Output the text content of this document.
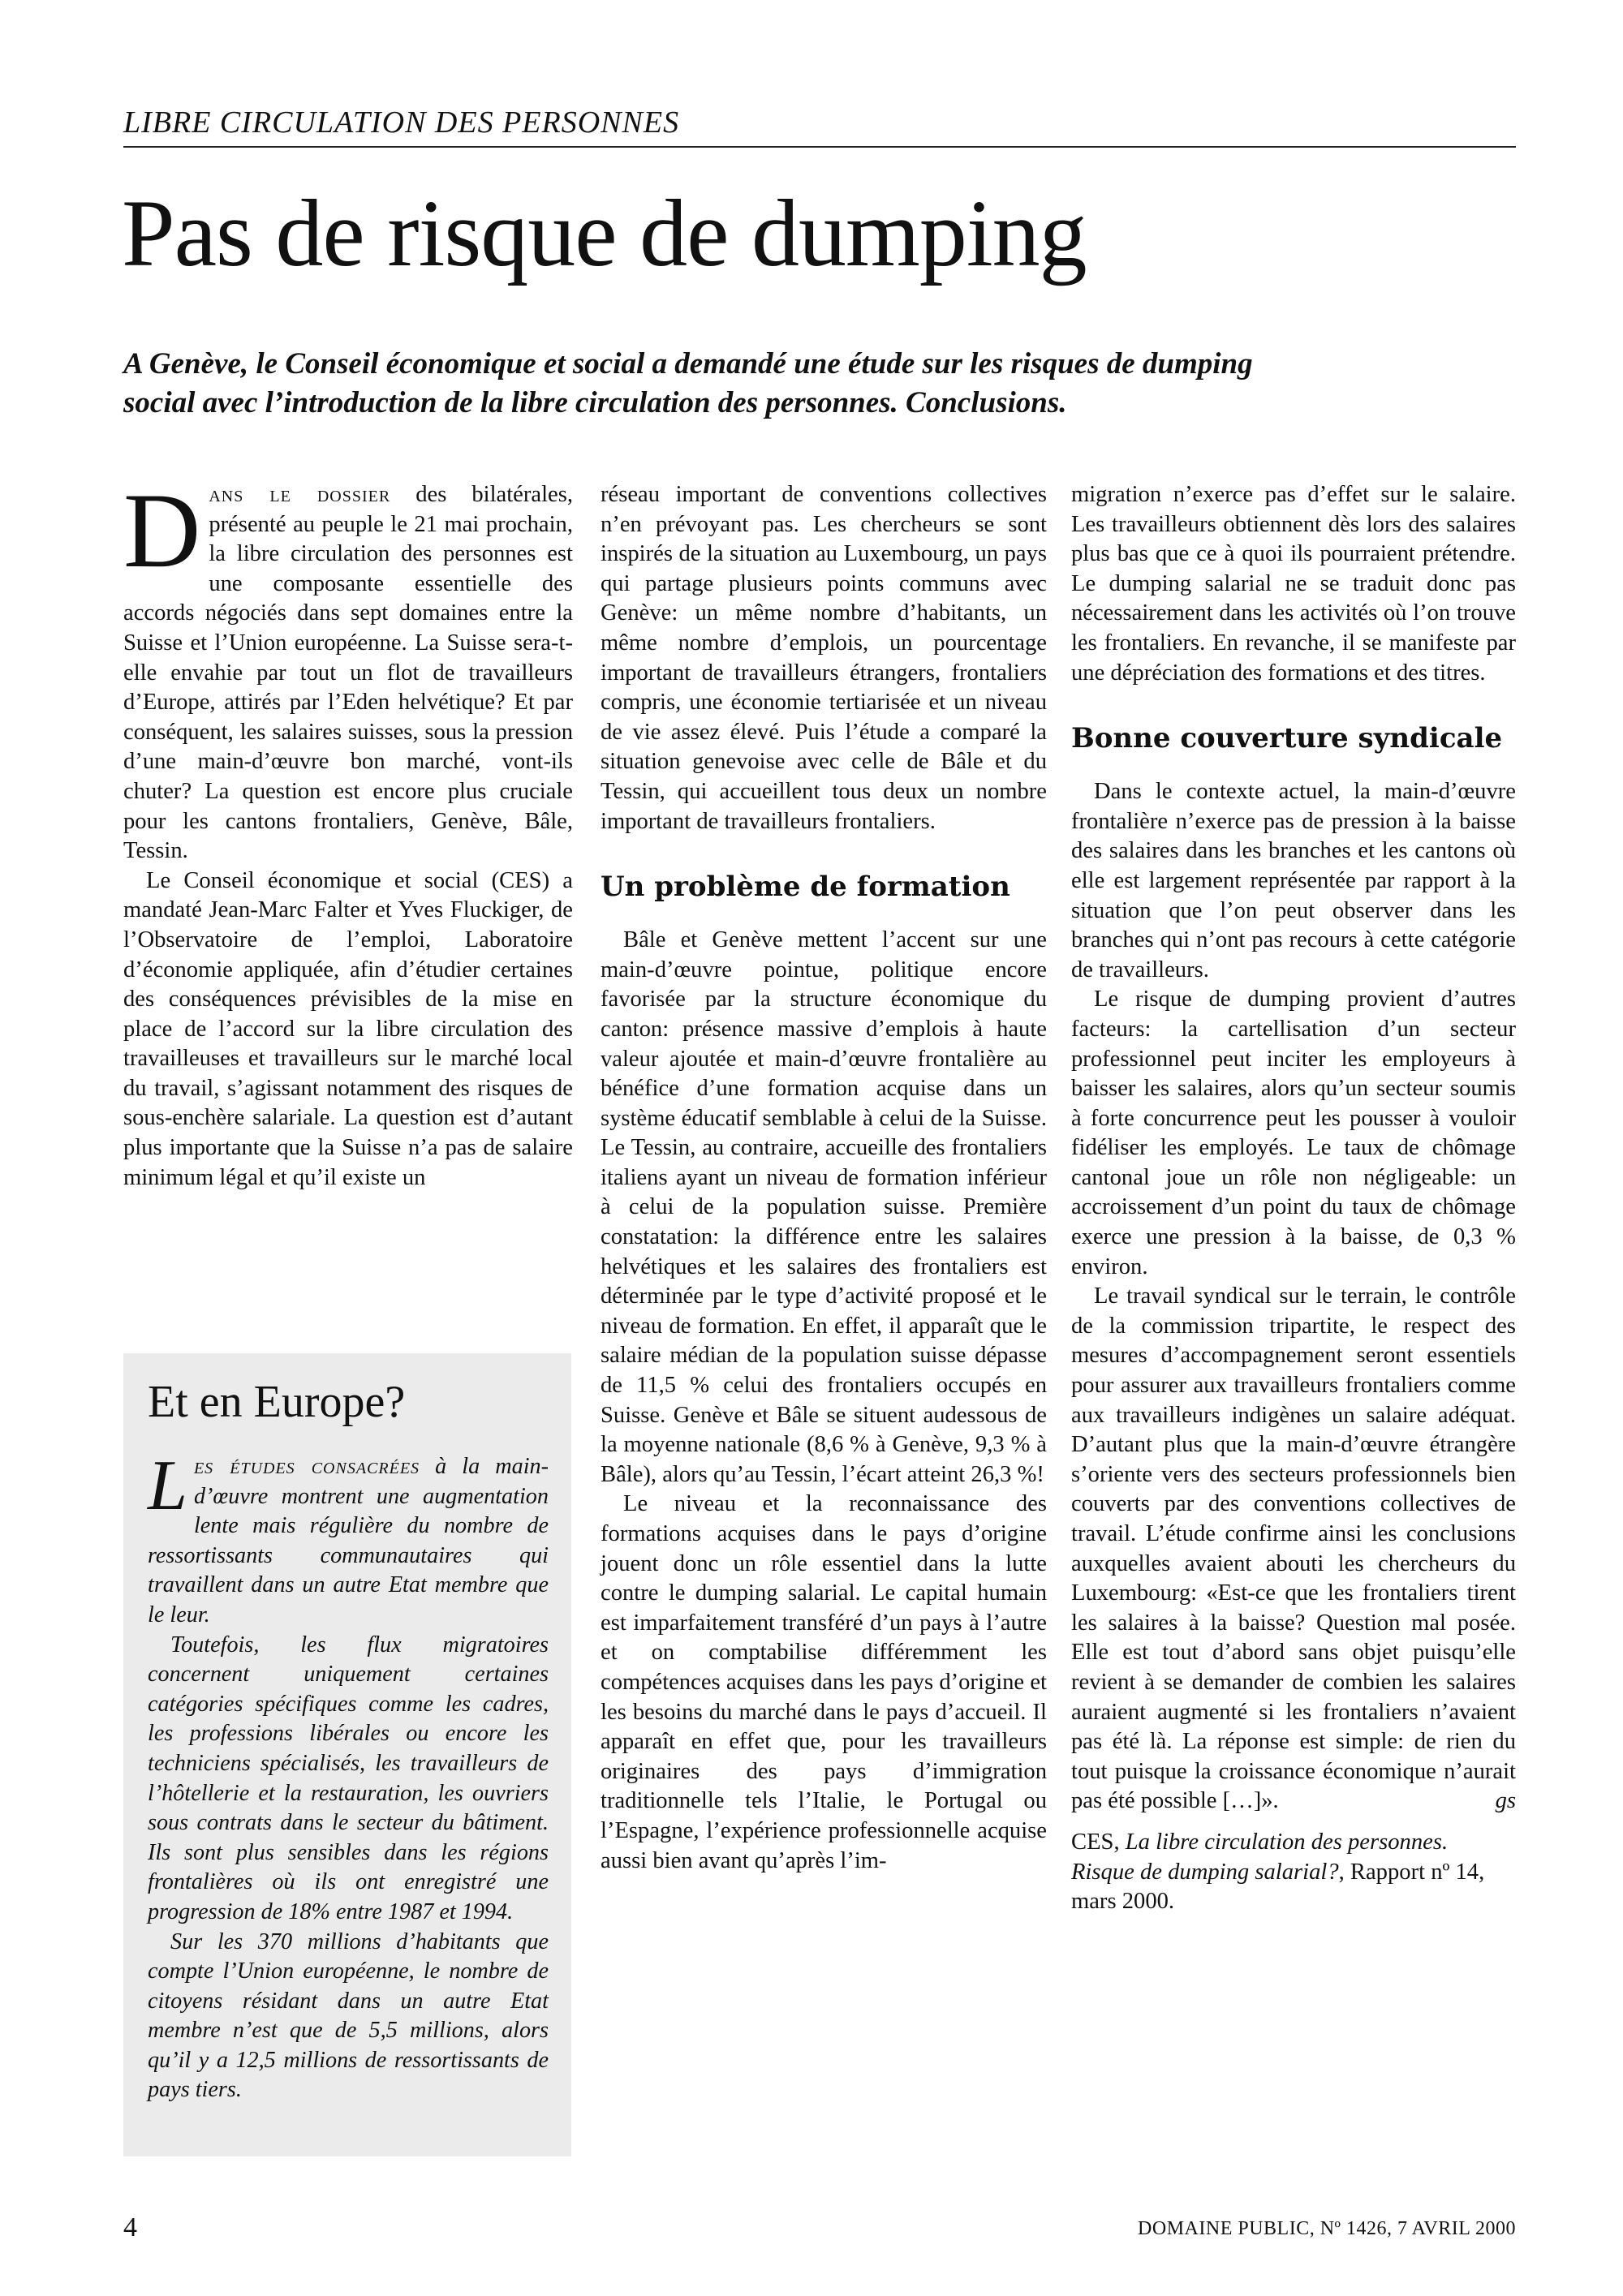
LIBRE CIRCULATION DES PERSONNES
Pas de risque de dumping

A Genève, le Conseil économique et social a demandé une étude sur les risques de dumping social avec l’introduction de la libre circulation des personnes. Conclusions.

Dans le dossier des bilatérales, présenté au peuple le 21 mai prochain, la libre circulation des personnes est une composante essentielle des accords négociés dans sept domaines entre la Suisse et l’Union européenne. La Suisse sera-t-elle envahie par tout un flot de travailleurs d’Europe, attirés par l’Eden helvétique? Et par conséquent, les salaires suisses, sous la pression d’une main-d’œuvre bon marché, vont-ils chuter? La question est encore plus cruciale pour les cantons frontaliers, Genève, Bâle, Tessin.

Le Conseil économique et social (CES) a mandaté Jean-Marc Falter et Yves Fluckiger, de l’Observatoire de l’emploi, Laboratoire d’économie appliquée, afin d’étudier certaines des conséquences prévisibles de la mise en place de l’accord sur la libre circulation des travailleuses et travailleurs sur le marché local du travail, s’agissant notamment des risques de sous-enchère salariale. La question est d’autant plus importante que la Suisse n’a pas de salaire minimum légal et qu’il existe un

Et en Europe?

Les études consacrées à la main-d’œuvre montrent une augmentation lente mais régulière du nombre de ressortissants communautaires qui travaillent dans un autre Etat membre que le leur.

Toutefois, les flux migratoires concernent uniquement certaines catégories spécifiques comme les cadres, les professions libérales ou encore les techniciens spécialisés, les travailleurs de l’hôtellerie et la restauration, les ouvriers sous contrats dans le secteur du bâtiment. Ils sont plus sensibles dans les régions frontalières où ils ont enregistré une progression de 18% entre 1987 et 1994.

Sur les 370 millions d’habitants que compte l’Union européenne, le nombre de citoyens résidant dans un autre Etat membre n’est que de 5,5 millions, alors qu’il y a 12,5 millions de ressortissants de pays tiers.

réseau important de conventions collectives n’en prévoyant pas. Les chercheurs se sont inspirés de la situation au Luxembourg, un pays qui partage plusieurs points communs avec Genève: un même nombre d’habitants, un même nombre d’emplois, un pourcentage important de travailleurs étrangers, frontaliers compris, une économie tertiarisée et un niveau de vie assez élevé. Puis l’étude a comparé la situation genevoise avec celle de Bâle et du Tessin, qui accueillent tous deux un nombre important de travailleurs frontaliers.

Un problème de formation

Bâle et Genève mettent l’accent sur une main-d’œuvre pointue, politique encore favorisée par la structure économique du canton: présence massive d’emplois à haute valeur ajoutée et main-d’œuvre frontalière au bénéfice d’une formation acquise dans un système éducatif semblable à celui de la Suisse. Le Tessin, au contraire, accueille des frontaliers italiens ayant un niveau de formation inférieur à celui de la population suisse. Première constatation: la différence entre les salaires helvétiques et les salaires des frontaliers est déterminée par le type d’activité proposé et le niveau de formation. En effet, il apparaît que le salaire médian de la population suisse dépasse de 11,5 % celui des frontaliers occupés en Suisse. Genève et Bâle se situent audessous de la moyenne nationale (8,6 % à Genève, 9,3 % à Bâle), alors qu’au Tessin, l’écart atteint 26,3 %!

Le niveau et la reconnaissance des formations acquises dans le pays d’origine jouent donc un rôle essentiel dans la lutte contre le dumping salarial. Le capital humain est imparfaitement transféré d’un pays à l’autre et on comptabilise différemment les compétences acquises dans les pays d’origine et les besoins du marché dans le pays d’accueil. Il apparaît en effet que, pour les travailleurs originaires des pays d’immigration traditionnelle tels l’Italie, le Portugal ou l’Espagne, l’expérience professionnelle acquise aussi bien avant qu’après l’im-

migration n’exerce pas d’effet sur le salaire. Les travailleurs obtiennent dès lors des salaires plus bas que ce à quoi ils pourraient prétendre. Le dumping salarial ne se traduit donc pas nécessairement dans les activités où l’on trouve les frontaliers. En revanche, il se manifeste par une dépréciation des formations et des titres.

Bonne couverture syndicale

Dans le contexte actuel, la main-d’œuvre frontalière n’exerce pas de pression à la baisse des salaires dans les branches et les cantons où elle est largement représentée par rapport à la situation que l’on peut observer dans les branches qui n’ont pas recours à cette catégorie de travailleurs.

Le risque de dumping provient d’autres facteurs: la cartellisation d’un secteur professionnel peut inciter les employeurs à baisser les salaires, alors qu’un secteur soumis à forte concurrence peut les pousser à vouloir fidéliser les employés. Le taux de chômage cantonal joue un rôle non négligeable: un accroissement d’un point du taux de chômage exerce une pression à la baisse, de 0,3 % environ.

Le travail syndical sur le terrain, le contrôle de la commission tripartite, le respect des mesures d’accompagnement seront essentiels pour assurer aux travailleurs frontaliers comme aux travailleurs indigènes un salaire adéquat. D’autant plus que la main-d’œuvre étrangère s’oriente vers des secteurs professionnels bien couverts par des conventions collectives de travail. L’étude confirme ainsi les conclusions auxquelles avaient abouti les chercheurs du Luxembourg: «Est-ce que les frontaliers tirent les salaires à la baisse? Question mal posée. Elle est tout d’abord sans objet puisqu’elle revient à se demander de combien les salaires auraient augmenté si les frontaliers n’avaient pas été là. La réponse est simple: de rien du tout puisque la croissance économique n’aurait pas été possible […]».	gs

CES, La libre circulation des personnes. Risque de dumping salarial?, Rapport nº 14, mars 2000.

4	DOMAINE PUBLIC, Nº 1426, 7 AVRIL 2000
